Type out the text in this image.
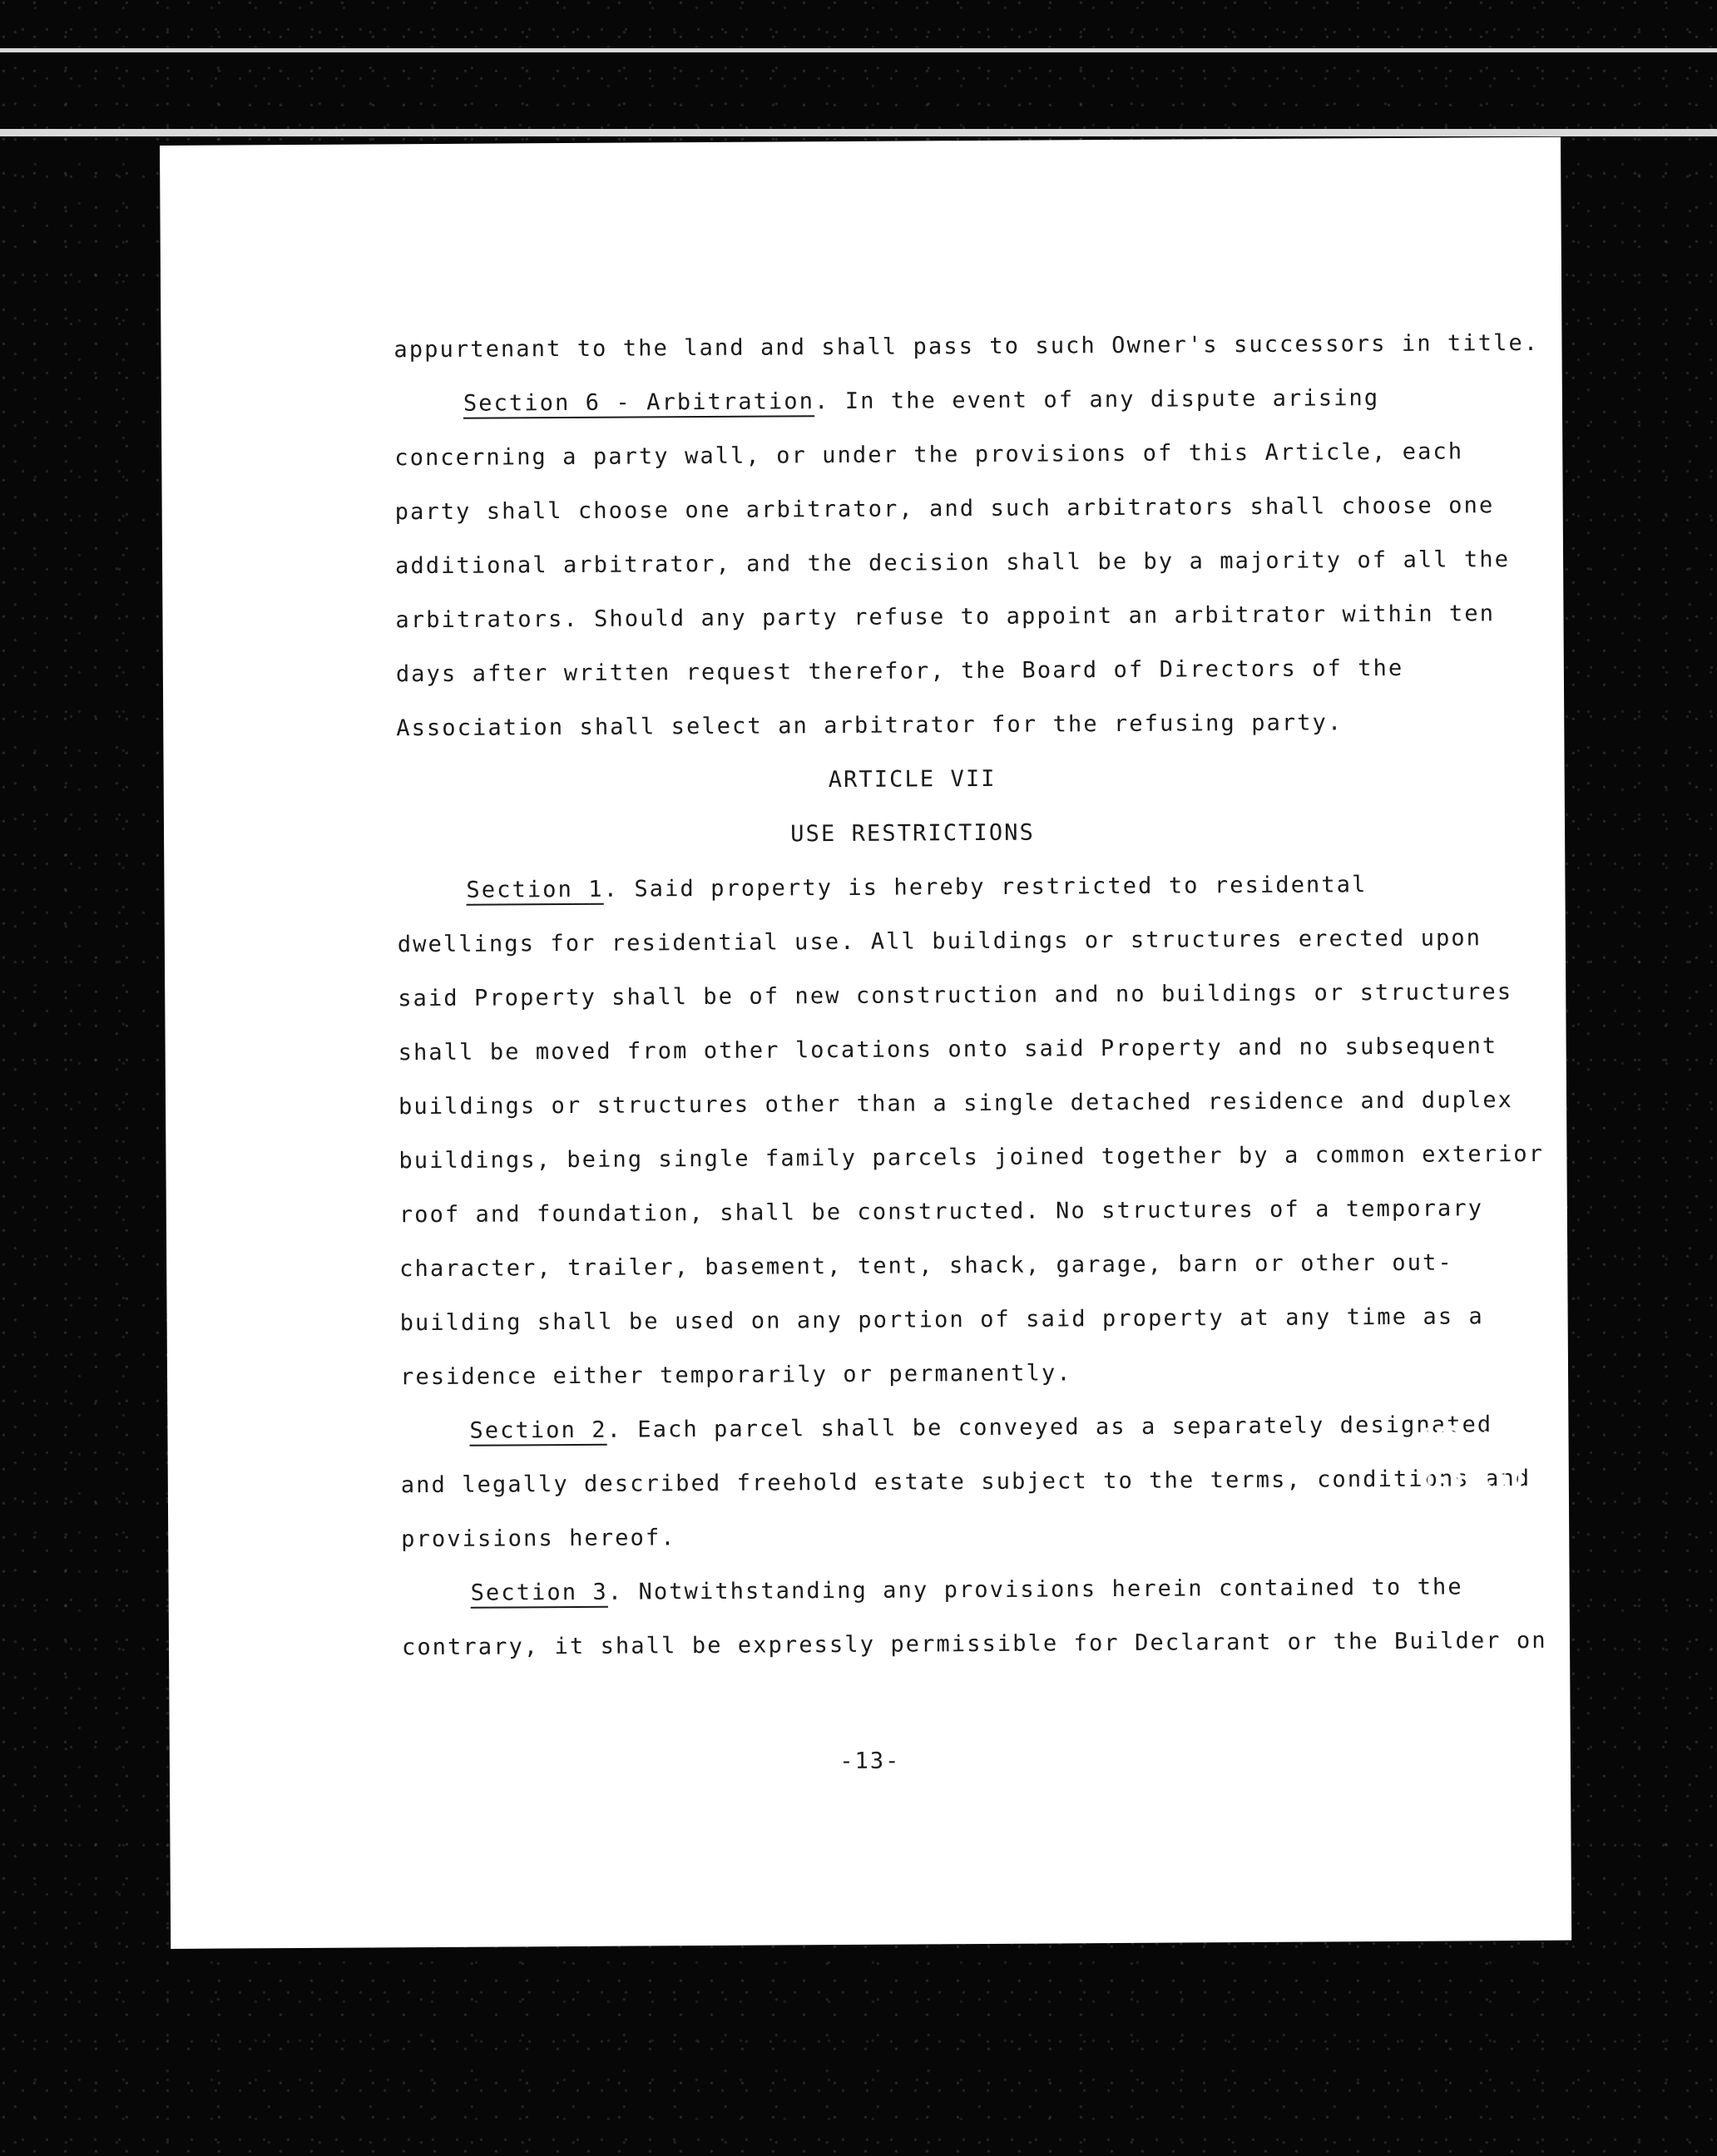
appurtenant to the land and shall pass to such Owner's successors in title.
Section 6 - Arbitration. In the event of any dispute arising
concerning a party wall, or under the provisions of this Article, each
party shall choose one arbitrator, and such arbitrators shall choose one
additional arbitrator, and the decision shall be by a majority of all the
arbitrators. Should any party refuse to appoint an arbitrator within ten
days after written request therefor, the Board of Directors of the
Association shall select an arbitrator for the refusing party.
ARTICLE VII
USE RESTRICTIONS
Section 1. Said property is hereby restricted to residental
dwellings for residential use. All buildings or structures erected upon
said Property shall be of new construction and no buildings or structures
shall be moved from other locations onto said Property and no subsequent
buildings or structures other than a single detached residence and duplex
buildings, being single family parcels joined together by a common exterior
roof and foundation, shall be constructed. No structures of a temporary
character, trailer, basement, tent, shack, garage, barn or other out-
building shall be used on any portion of said property at any time as a
residence either temporarily or permanently.
Section 2. Each parcel shall be conveyed as a separately designated
and legally described freehold estate subject to the terms, conditions and
provisions hereof.
Section 3. Notwithstanding any provisions herein contained to the
contrary, it shall be expressly permissible for Declarant or the Builder on
-13-
7734
990
